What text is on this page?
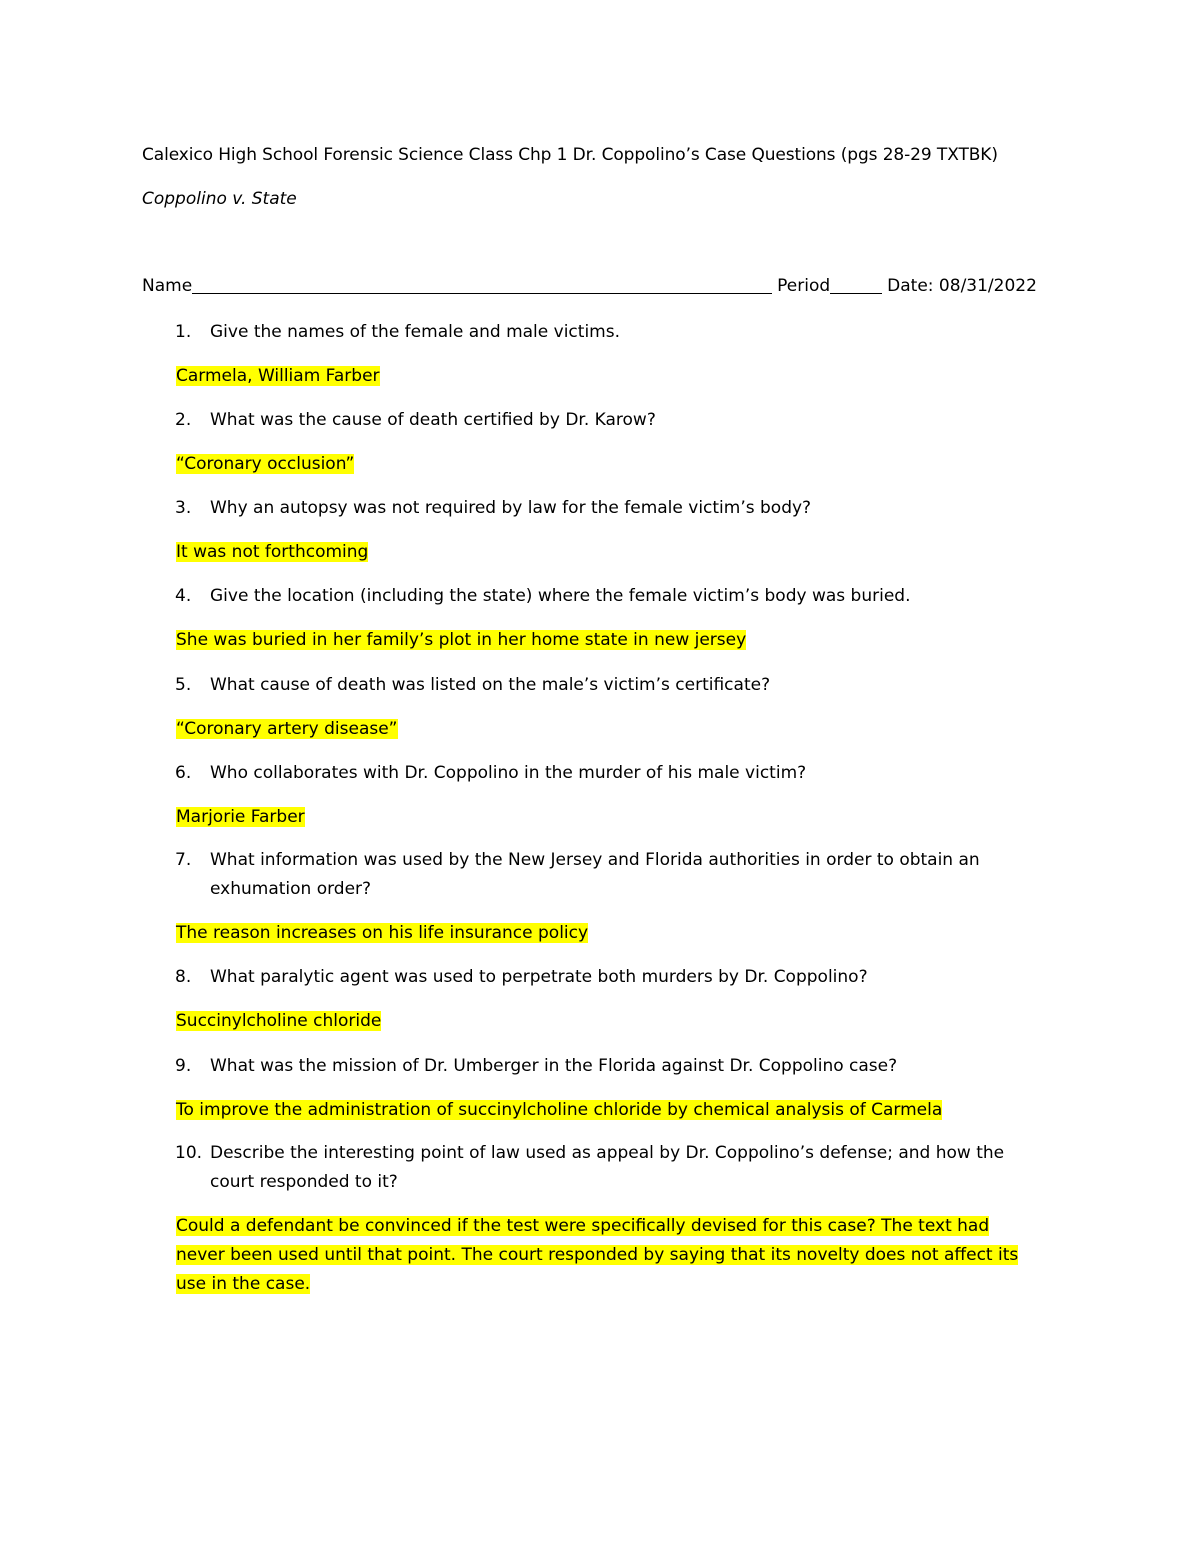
Calexico High School Forensic Science Class Chp 1 Dr. Coppolino’s Case Questions (pgs 28-29 TXTBK)
Coppolino v. State
Name	Period	Date: 08/31/2022
1.	Give the names of the female and male victims.
Carmela, William Farber
2.	What was the cause of death certified by Dr. Karow?
“Coronary occlusion”
3.	Why an autopsy was not required by law for the female victim’s body?
It was not forthcoming
4.	Give the location (including the state) where the female victim’s body was buried.
She was buried in her family’s plot in her home state in new jersey
5.	What cause of death was listed on the male’s victim’s certificate?
“Coronary artery disease”
6.	Who collaborates with Dr. Coppolino in the murder of his male victim?
Marjorie Farber
7.	What information was used by the New Jersey and Florida authorities in order to obtain an exhumation order?
The reason increases on his life insurance policy
8.	What paralytic agent was used to perpetrate both murders by Dr. Coppolino?
Succinylcholine chloride
9.	What was the mission of Dr. Umberger in the Florida against Dr. Coppolino case?
To improve the administration of succinylcholine chloride by chemical analysis of Carmela
10. Describe the interesting point of law used as appeal by Dr. Coppolino’s defense; and how the court responded to it?
Could a defendant be convinced if the test were specifically devised for this case? The text had never been used until that point. The court responded by saying that its novelty does not affect its use in the case.
